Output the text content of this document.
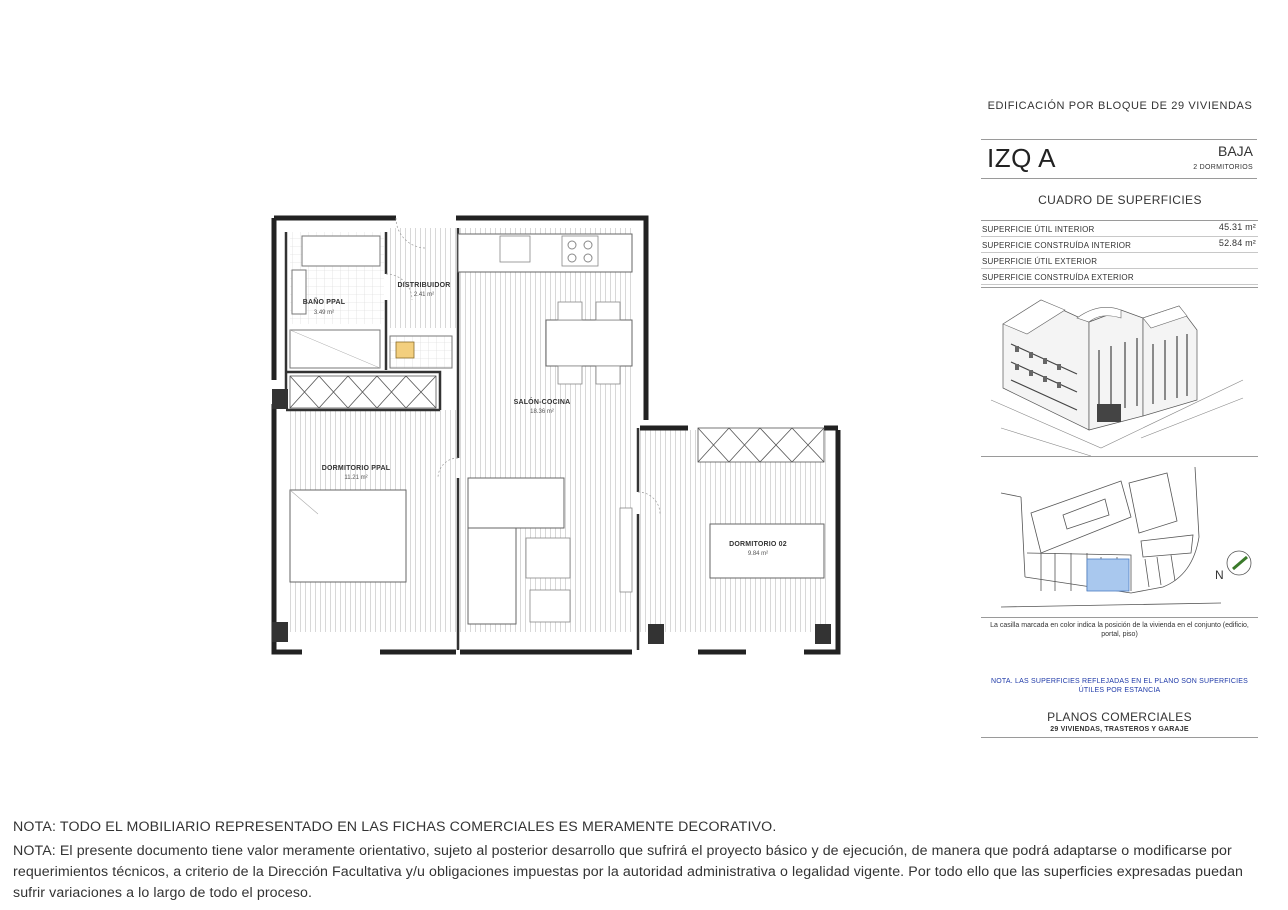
BAÑO PPAL
3.49 m²
DISTRIBUIDOR
2.41 m²
SALÓN-COCINA
18.36 m²
DORMITORIO PPAL
11.21 m²
DORMITORIO 02
9.84 m²
EDIFICACIÓN POR BLOQUE DE 29 VIVIENDAS
IZQ A	BAJA
2 DORMITORIOS
CUADRO DE SUPERFICIES
SUPERFICIE ÚTIL INTERIOR	45.31 m²
SUPERFICIE CONSTRUÍDA INTERIOR	52.84 m²
SUPERFICIE ÚTIL EXTERIOR
SUPERFICIE CONSTRUÍDA EXTERIOR
N
La casilla marcada en color indica la posición de la vivienda en el conjunto (edificio, portal, piso)
NOTA. LAS SUPERFICIES REFLEJADAS EN EL PLANO SON SUPERFICIES ÚTILES POR ESTANCIA
PLANOS COMERCIALES
29 VIVIENDAS, TRASTEROS Y GARAJE
NOTA: TODO EL MOBILIARIO REPRESENTADO EN LAS FICHAS COMERCIALES ES MERAMENTE DECORATIVO.
NOTA: El presente documento tiene valor meramente orientativo, sujeto al posterior desarrollo que sufrirá el proyecto básico y de ejecución, de manera que podrá adaptarse o modificarse por requerimientos técnicos, a criterio de la Dirección Facultativa y/u obligaciones impuestas por la autoridad administrativa o legalidad vigente. Por todo ello que las superficies expresadas puedan sufrir variaciones a lo largo de todo el proceso.
